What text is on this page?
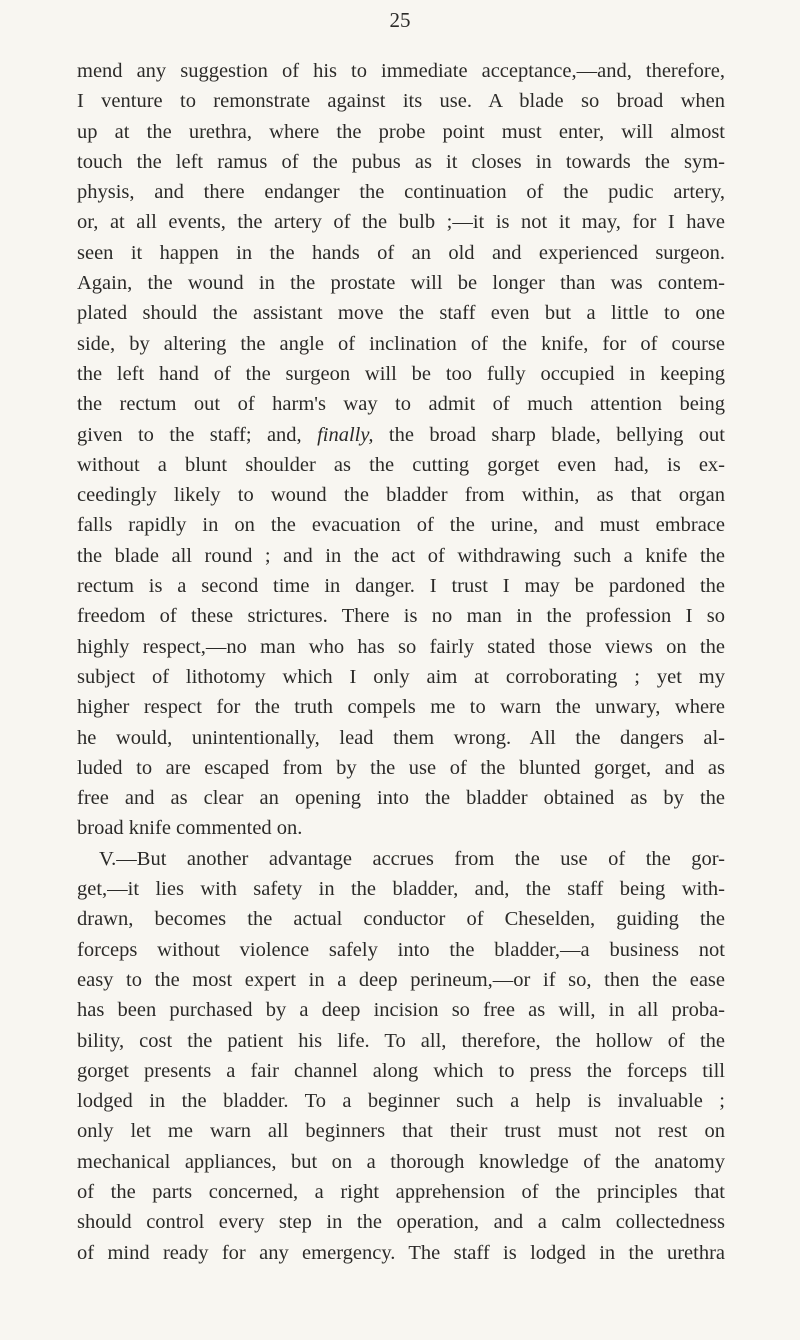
25
mend any suggestion of his to immediate acceptance,—and, therefore,
I venture to remonstrate against its use. A blade so broad when
up at the urethra, where the probe point must enter, will almost
touch the left ramus of the pubus as it closes in towards the sym-
physis, and there endanger the continuation of the pudic artery,
or, at all events, the artery of the bulb ;—it is not it may, for I have
seen it happen in the hands of an old and experienced surgeon.
Again, the wound in the prostate will be longer than was contem-
plated should the assistant move the staff even but a little to one
side, by altering the angle of inclination of the knife, for of course
the left hand of the surgeon will be too fully occupied in keeping
the rectum out of harm's way to admit of much attention being
given to the staff; and, finally, the broad sharp blade, bellying out
without a blunt shoulder as the cutting gorget even had, is ex-
ceedingly likely to wound the bladder from within, as that organ
falls rapidly in on the evacuation of the urine, and must embrace
the blade all round ; and in the act of withdrawing such a knife the
rectum is a second time in danger. I trust I may be pardoned the
freedom of these strictures. There is no man in the profession I so
highly respect,—no man who has so fairly stated those views on the
subject of lithotomy which I only aim at corroborating ; yet my
higher respect for the truth compels me to warn the unwary, where
he would, unintentionally, lead them wrong. All the dangers al-
luded to are escaped from by the use of the blunted gorget, and as
free and as clear an opening into the bladder obtained as by the
broad knife commented on.
V.—But another advantage accrues from the use of the gor-
get,—it lies with safety in the bladder, and, the staff being with-
drawn, becomes the actual conductor of Cheselden, guiding the
forceps without violence safely into the bladder,—a business not
easy to the most expert in a deep perineum,—or if so, then the ease
has been purchased by a deep incision so free as will, in all proba-
bility, cost the patient his life. To all, therefore, the hollow of the
gorget presents a fair channel along which to press the forceps till
lodged in the bladder. To a beginner such a help is invaluable ;
only let me warn all beginners that their trust must not rest on
mechanical appliances, but on a thorough knowledge of the anatomy
of the parts concerned, a right apprehension of the principles that
should control every step in the operation, and a calm collectedness
of mind ready for any emergency. The staff is lodged in the urethra
